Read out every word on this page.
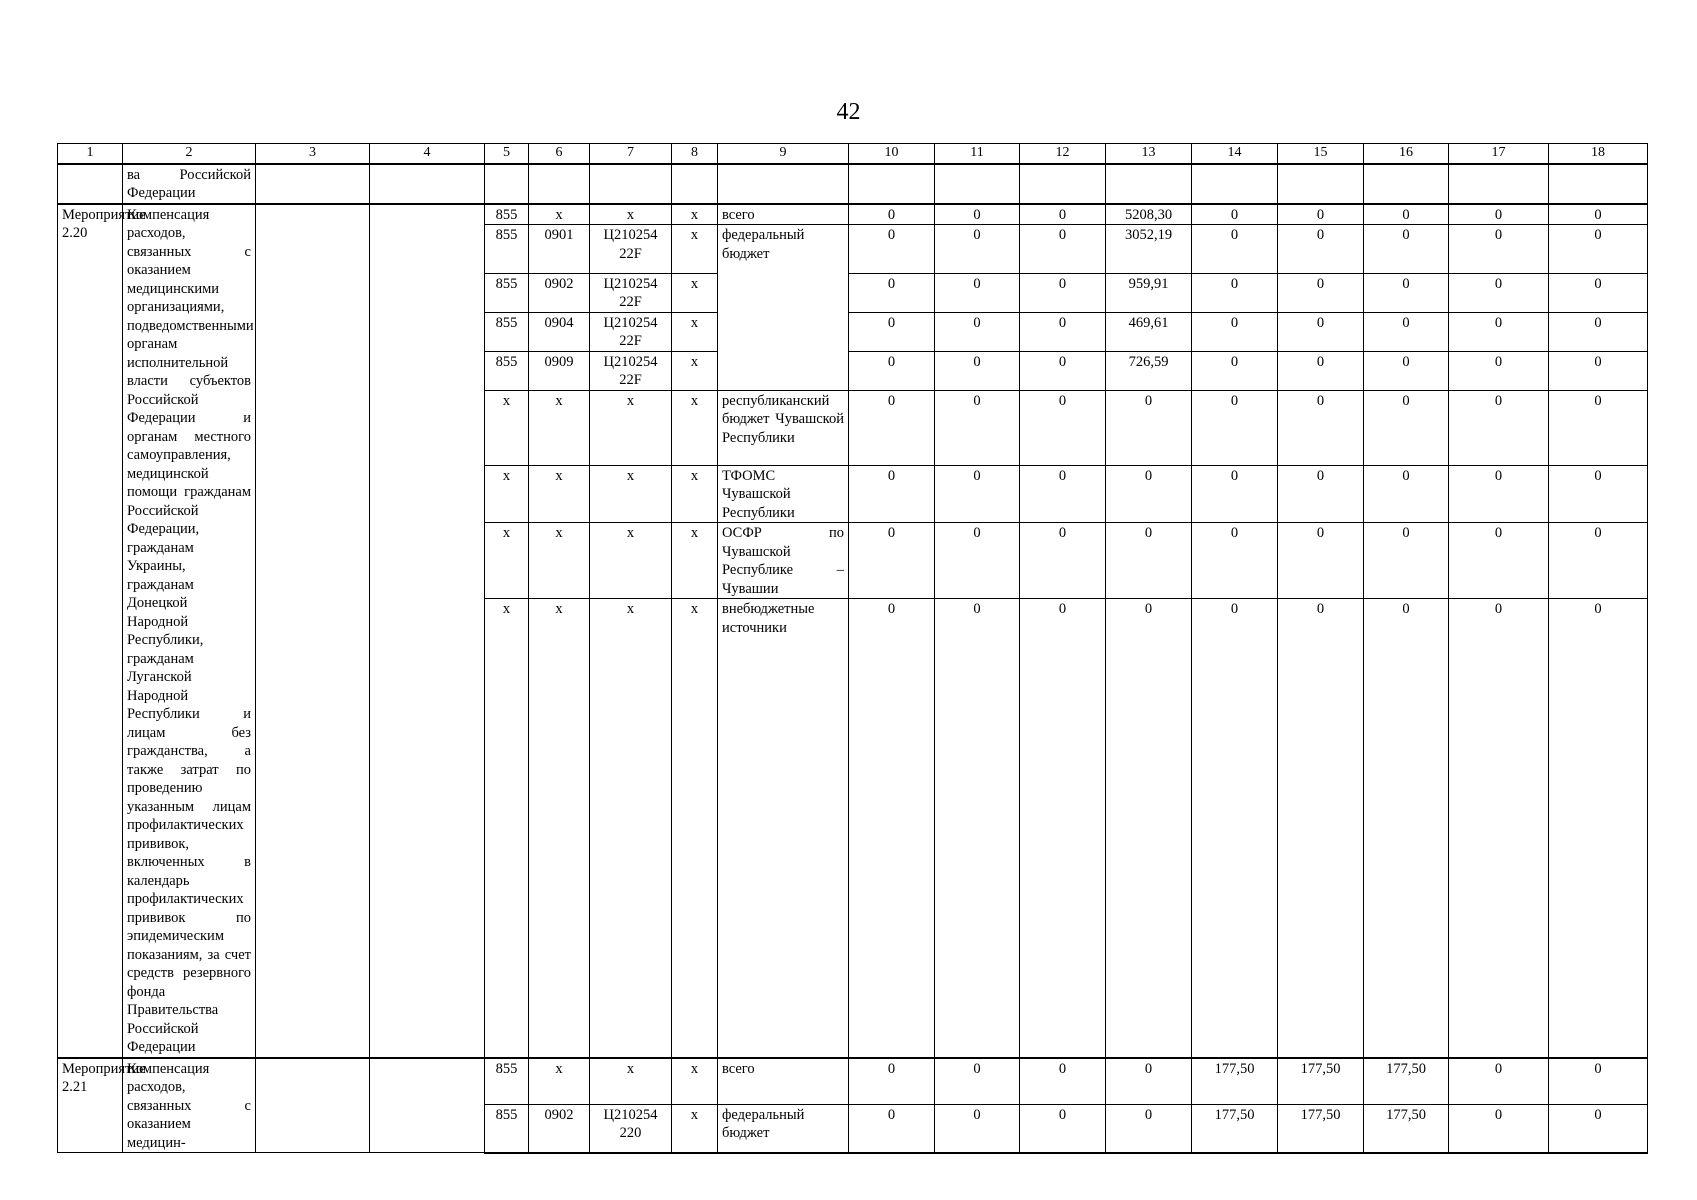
42
1	2	3	4	5	6	7	8	9	10	11	12	13	14	15	16	17	18
	ва Российской Федерации																
Мероприятие 2.20	Компенсация расходов, связанных с оказанием медицинскими организациями, подведомственными органам исполнительной власти субъектов Российской Федерации и органам местного самоуправления, медицинской помощи гражданам Российской Федерации, гражданам Украины, гражданам Донецкой Народной Республики, гражданам Луганской Народной Республики и лицам без гражданства, а также затрат по проведению указанным лицам профилактических прививок, включенных в календарь профилактических прививок по эпидемическим показаниям, за счет средств резервного фонда Правительства Российской Федерации			855	х	х	х	всего	0	0	0	5208,30	0	0	0	0	0
				855	0901	Ц210254 22F	х	федеральный бюджет	0	0	0	3052,19	0	0	0	0	0
				855	0902	Ц210254 22F	х		0	0	0	959,91	0	0	0	0	0
				855	0904	Ц210254 22F	х		0	0	0	469,61	0	0	0	0	0
				855	0909	Ц210254 22F	х		0	0	0	726,59	0	0	0	0	0
				х	х	х	х	республиканский бюджет Чувашской Республики	0	0	0	0	0	0	0	0	0
				х	х	х	х	ТФОМС Чувашской Республики	0	0	0	0	0	0	0	0	0
				х	х	х	х	ОСФР по Чувашской Республике – Чувашии	0	0	0	0	0	0	0	0	0
				х	х	х	х	внебюджетные источники	0	0	0	0	0	0	0	0	0
Мероприятие 2.21	Компенсация расходов, связанных с оказанием медицин-			855	х	х	х	всего	0	0	0	0	177,50	177,50	177,50	0	0
				855	0902	Ц210254 220	х	федеральный бюджет	0	0	0	0	177,50	177,50	177,50	0	0
